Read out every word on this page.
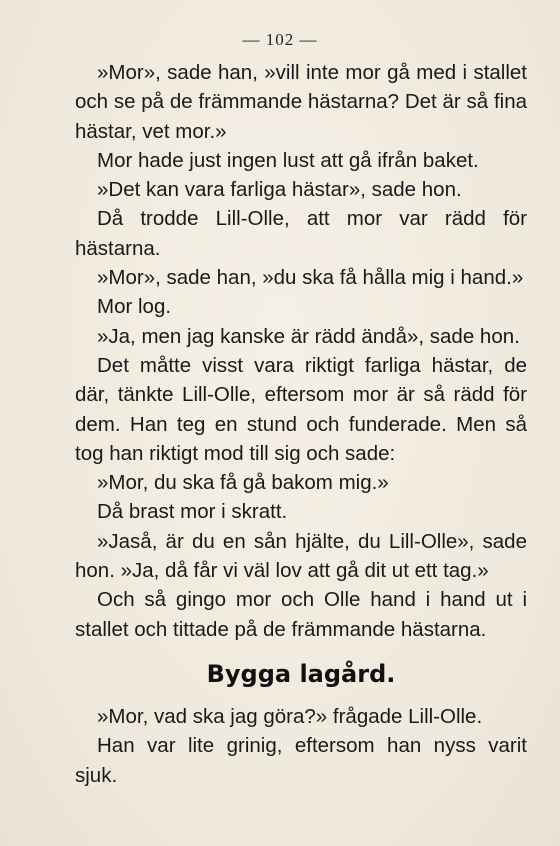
— 102 —

»Mor», sade han, »vill inte mor gå med i stallet och se på de främmande hästarna? Det är så fina hästar, vet mor.»

Mor hade just ingen lust att gå ifrån baket.

»Det kan vara farliga hästar», sade hon.

Då trodde Lill-Olle, att mor var rädd för hästarna.

»Mor», sade han, »du ska få hålla mig i hand.»

Mor log.

»Ja, men jag kanske är rädd ändå», sade hon.

Det måtte visst vara riktigt farliga hästar, de där, tänkte Lill-Olle, eftersom mor är så rädd för dem. Han teg en stund och funderade. Men så tog han riktigt mod till sig och sade:

»Mor, du ska få gå bakom mig.»

Då brast mor i skratt.

»Jaså, är du en sån hjälte, du Lill-Olle», sade hon. »Ja, då får vi väl lov att gå dit ut ett tag.»

Och så gingo mor och Olle hand i hand ut i stallet och tittade på de främmande hästarna.

Bygga lagård.

»Mor, vad ska jag göra?» frågade Lill-Olle.

Han var lite grinig, eftersom han nyss varit sjuk.
